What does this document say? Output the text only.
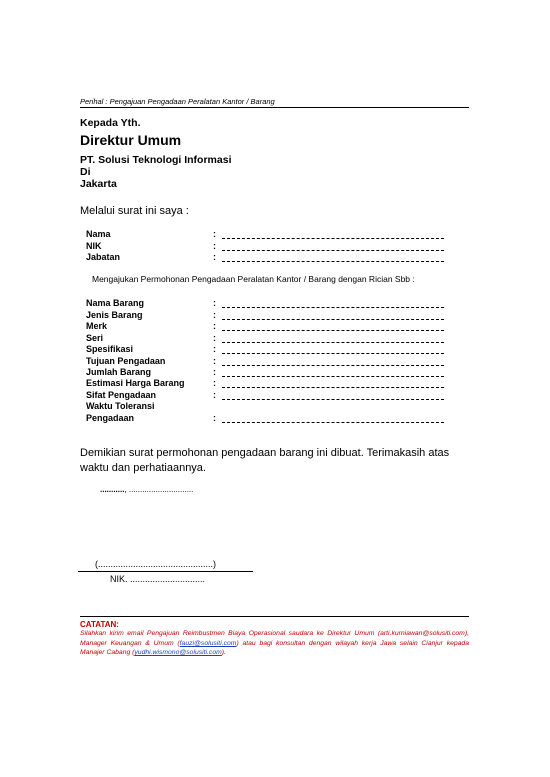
Perihal : Pengajuan Pengadaan Peralatan Kantor / Barang
Kepada Yth.
Direktur Umum
PT. Solusi Teknologi Informasi
Di
Jakarta
Melalui surat ini saya :
Nama	:
NIK	:
Jabatan	:
Mengajukan Permohonan Pengadaan Peralatan Kantor / Barang dengan Rician Sbb :
Nama Barang	:
Jenis Barang	:
Merk	:
Seri	:
Spesifikasi	:
Tujuan Pengadaan	:
Jumlah Barang	:
Estimasi Harga Barang	:
Sifat Pengadaan	:
Waktu Toleransi
Pengadaan	:
Demikian surat permohonan pengadaan barang ini dibuat. Terimakasih atas waktu dan perhatiaannya.
..........., .............................
(..............................................)
NIK. ..............................
CATATAN:
Silahkan kirim email Pengajuan Reimbustmen Biaya Operasional saudara ke Direktur Umum (arti.kurniawan@solusiti.com), Manager Keuangan & Umum (fauzi@solusiti.com) atau bagi konsultan dengan wilayah kerja Jawa selain Cianjur kepada Manajer Cabang (yudhi.wismono@solusiti.com).
